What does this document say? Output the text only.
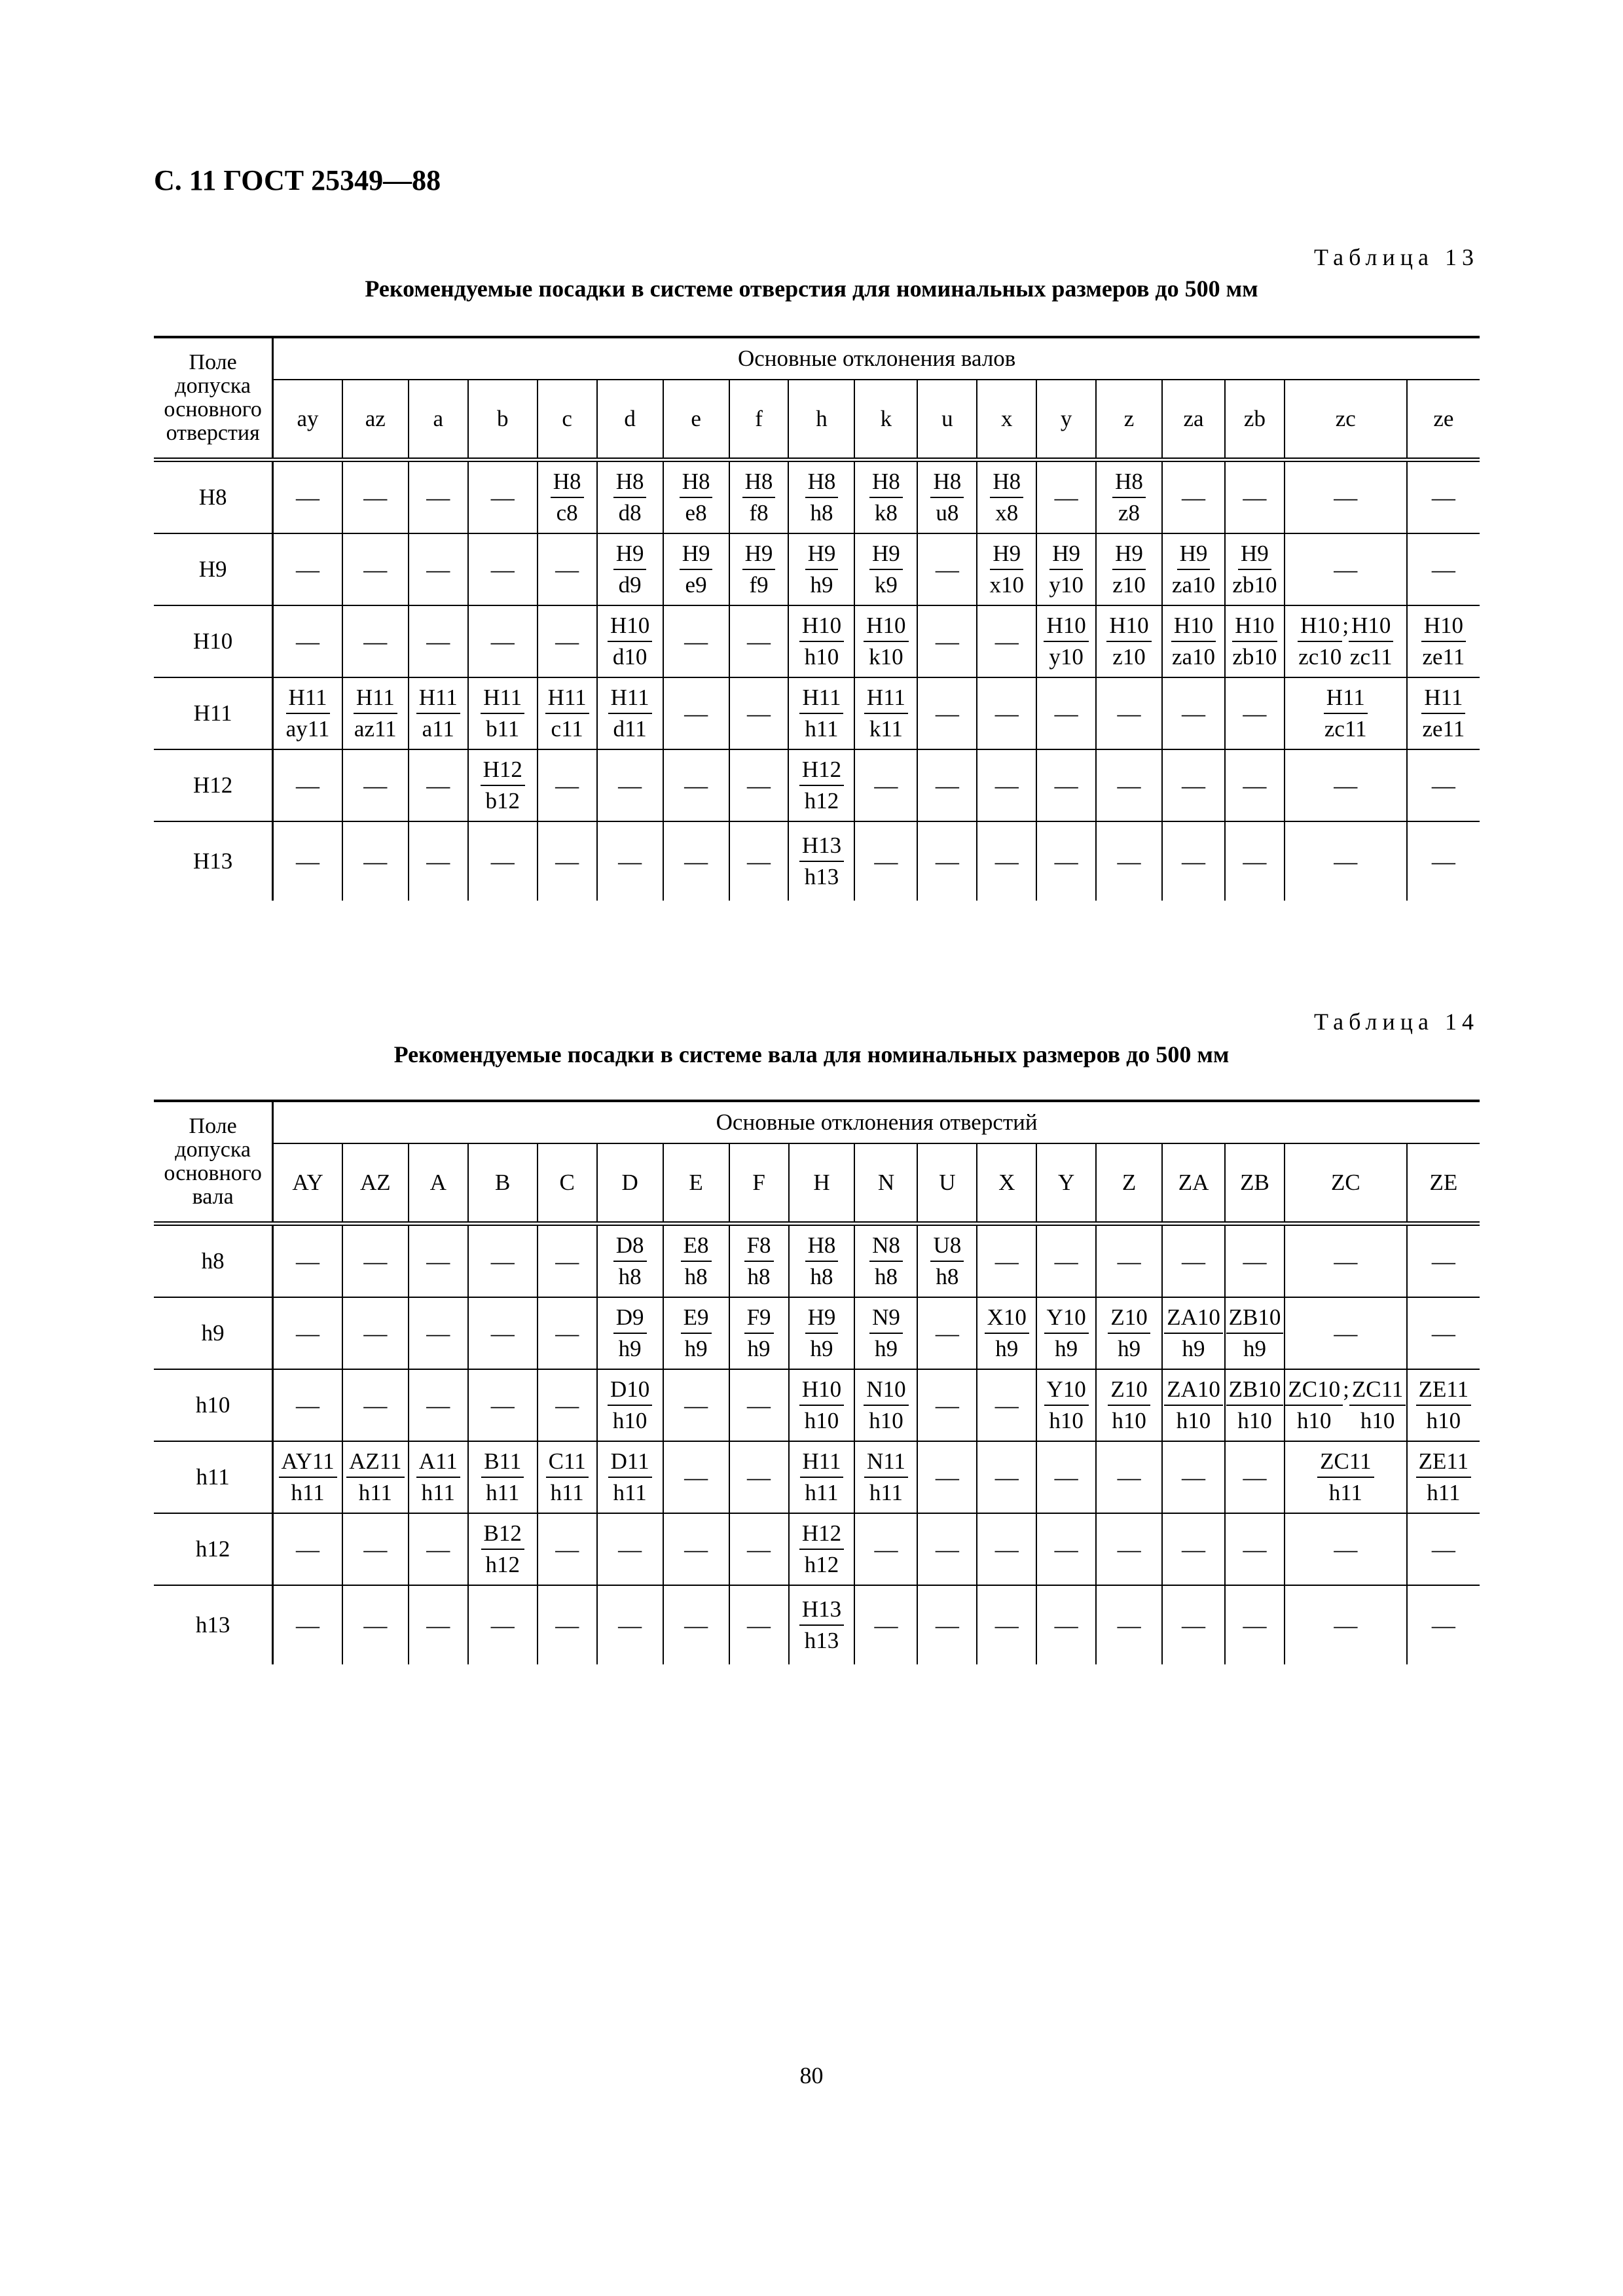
С. 11 ГОСТ 25349—88
Таблица 13
Рекомендуемые посадки в системе отверстия для номинальных размеров до 500 мм
Поле
допуска
основного
отверстия	Основные отклонения валов																	
	ay	az	a	b	c	d	e	f	h	k	u	x	y	z	za	zb	zc	ze
H8	—	—	—	—	$\frac{H8}{c8}$	$\frac{H8}{d8}$	$\frac{H8}{e8}$	$\frac{H8}{f8}$	$\frac{H8}{h8}$	$\frac{H8}{k8}$	$\frac{H8}{u8}$	$\frac{H8}{x8}$	—	$\frac{H8}{z8}$	—	—	—	—
H9	—	—	—	—	—	$\frac{H9}{d9}$	$\frac{H9}{e9}$	$\frac{H9}{f9}$	$\frac{H9}{h9}$	$\frac{H9}{k9}$	—	$\frac{H9}{x10}$	$\frac{H9}{y10}$	$\frac{H9}{z10}$	$\frac{H9}{za10}$	$\frac{H9}{zb10}$	—	—
H10	—	—	—	—	—	$\frac{H10}{d10}$	—	—	$\frac{H10}{h10}$	$\frac{H10}{k10}$	—	—	$\frac{H10}{y10}$	$\frac{H10}{z10}$	$\frac{H10}{za10}$	$\frac{H10}{zb10}$	$\frac{H10}{zc10}$ ; $\frac{H10}{zc11}$	$\frac{H10}{ze11}$

H11	$\frac{H11}{ay11}$	$\frac{H11}{az11}$	$\frac{H11}{a11}$	$\frac{H11}{b11}$	$\frac{H11}{c11}$	$\frac{H11}{d11}$	—	—	$\frac{H11}{h11}$	$\frac{H11}{k11}$	—	—	—	—	—	—	$\frac{H11}{zc11}$	$\frac{H11}{ze11}$

H12	—	—	—	$\frac{H12}{b12}$	—	—	—	—	$\frac{H12}{h12}$	—	—	—	—	—	—	—	—	—
H13	—	—	—	—	—	—	—	—	$\frac{H13}{h13}$	—	—	—	—	—	—	—	—	—
Таблица 14
Рекомендуемые посадки в системе вала для номинальных размеров до 500 мм
Поле
допуска
основного
вала	Основные отклонения отверстий																	
	AY	AZ	A	B	C	D	E	F	H	N	U	X	Y	Z	ZA	ZB	ZC	ZE
h8	—	—	—	—	—	$\frac{D8}{h8}$	$\frac{E8}{h8}$	$\frac{F8}{h8}$	$\frac{H8}{h8}$	$\frac{N8}{h8}$	$\frac{U8}{h8}$	—	—	—	—	—	—	—
h9	—	—	—	—	—	$\frac{D9}{h9}$	$\frac{E9}{h9}$	$\frac{F9}{h9}$	$\frac{H9}{h9}$	$\frac{N9}{h9}$	—	$\frac{X10}{h9}$	$\frac{Y10}{h9}$	$\frac{Z10}{h9}$	$\frac{ZA10}{h9}$	$\frac{ZB10}{h9}$	—	—
h10	—	—	—	—	—	$\frac{D10}{h10}$	—	—	$\frac{H10}{h10}$	$\frac{N10}{h10}$	—	—	$\frac{Y10}{h10}$	$\frac{Z10}{h10}$	$\frac{ZA10}{h10}$	$\frac{ZB10}{h10}$	$\frac{ZC10}{h10}$ ; $\frac{ZC11}{h10}$	$\frac{ZE11}{h10}$

h11	$\frac{AY11}{h11}$	$\frac{AZ11}{h11}$	$\frac{A11}{h11}$	$\frac{B11}{h11}$	$\frac{C11}{h11}$	$\frac{D11}{h11}$	—	—	$\frac{H11}{h11}$	$\frac{N11}{h11}$	—	—	—	—	—	—	$\frac{ZC11}{h11}$	$\frac{ZE11}{h11}$

h12	—	—	—	$\frac{B12}{h12}$	—	—	—	—	$\frac{H12}{h12}$	—	—	—	—	—	—	—	—	—
h13	—	—	—	—	—	—	—	—	$\frac{H13}{h13}$	—	—	—	—	—	—	—	—	—
80
